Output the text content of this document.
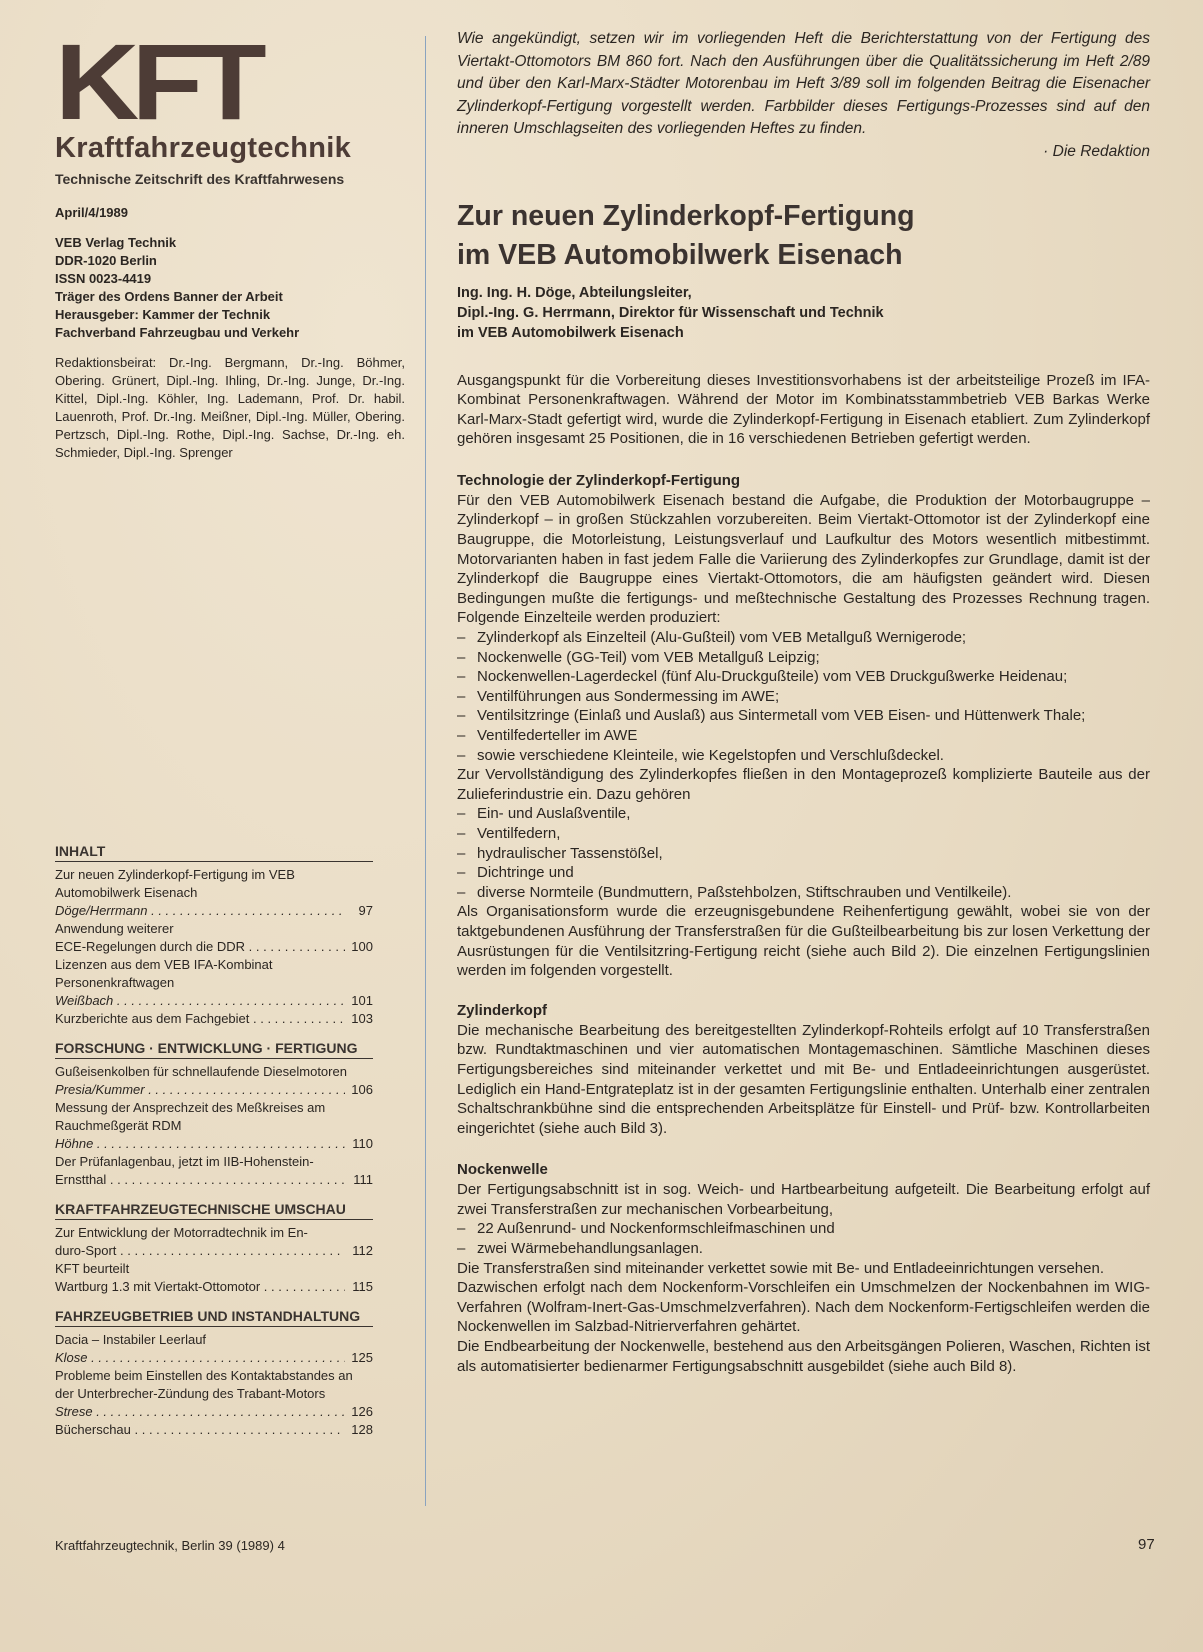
KFT
Kraftfahrzeugtechnik
Technische Zeitschrift des Kraftfahrwesens
April/4/1989
VEB Verlag Technik
DDR-1020 Berlin
ISSN 0023-4419
Träger des Ordens Banner der Arbeit
Herausgeber: Kammer der Technik
Fachverband Fahrzeugbau und Verkehr
Redaktionsbeirat: Dr.-Ing. Bergmann, Dr.-Ing. Böhmer, Obering. Grünert, Dipl.-Ing. Ihling, Dr.-Ing. Junge, Dr.-Ing. Kittel, Dipl.-Ing. Köhler, Ing. Lademann, Prof. Dr. habil. Lauenroth, Prof. Dr.-Ing. Meißner, Dipl.-Ing. Müller, Obering. Pertzsch, Dipl.-Ing. Rothe, Dipl.-Ing. Sachse, Dr.-Ing. eh. Schmieder, Dipl.-Ing. Sprenger
INHALT
Zur neuen Zylinderkopf-Fertigung im VEB Automobilwerk Eisenach
Döge/Herrmann . . .	97
Anwendung weiterer
ECE-Regelungen durch die DDR . . .	100
Lizenzen aus dem VEB IFA-Kombinat Personenkraftwagen
Weißbach . . .	101
Kurzberichte aus dem Fachgebiet . . .	103
FORSCHUNG · ENTWICKLUNG · FERTIGUNG
Gußeisenkolben für schnellaufende Dieselmotoren
Presia/Kummer . . .	106
Messung der Ansprechzeit des Meßkreises am Rauchmeßgerät RDM
Höhne . . .	110
Der Prüfanlagenbau, jetzt im IIB-Hohenstein-
Ernstthal . . .	111
KRAFTFAHRZEUGTECHNISCHE UMSCHAU
Zur Entwicklung der Motorradtechnik im En-
duro-Sport . . .	112
KFT beurteilt
Wartburg 1.3 mit Viertakt-Ottomotor . . .	115
FAHRZEUGBETRIEB UND INSTANDHALTUNG
Dacia – Instabiler Leerlauf
Klose . . .	125
Probleme beim Einstellen des Kontaktabstandes an der Unterbrecher-Zündung des Trabant-Motors
Strese . . .	126
Bücherschau . . .	128

Wie angekündigt, setzen wir im vorliegenden Heft die Berichterstattung von der Fertigung des Viertakt-Ottomotors BM 860 fort. Nach den Ausführungen über die Qualitätssicherung im Heft 2/89 und über den Karl-Marx-Städter Motorenbau im Heft 3/89 soll im folgenden Beitrag die Eisenacher Zylinderkopf-Fertigung vorgestellt werden. Farbbilder dieses Fertigungs-Prozesses sind auf den inneren Umschlagseiten des vorliegenden Heftes zu finden.

· Die Redaktion
Zur neuen Zylinderkopf-Fertigung
im VEB Automobilwerk Eisenach
Ing. Ing. H. Döge, Abteilungsleiter,
Dipl.-Ing. G. Herrmann, Direktor für Wissenschaft und Technik
im VEB Automobilwerk Eisenach

Ausgangspunkt für die Vorbereitung dieses Investitionsvorhabens ist der arbeitsteilige Prozeß im IFA-Kombinat Personenkraftwagen. Während der Motor im Kombinatsstammbetrieb VEB Barkas Werke Karl-Marx-Stadt gefertigt wird, wurde die Zylinderkopf-Fertigung in Eisenach etabliert. Zum Zylinderkopf gehören insgesamt 25 Positionen, die in 16 verschiedenen Betrieben gefertigt werden.

Technologie der Zylinderkopf-Fertigung

Für den VEB Automobilwerk Eisenach bestand die Aufgabe, die Produktion der Motorbaugruppe – Zylinderkopf – in großen Stückzahlen vorzubereiten. Beim Viertakt-Ottomotor ist der Zylinderkopf eine Baugruppe, die Motorleistung, Leistungsverlauf und Laufkultur des Motors wesentlich mitbestimmt. Motorvarianten haben in fast jedem Falle die Variierung des Zylinderkopfes zur Grundlage, damit ist der Zylinderkopf die Baugruppe eines Viertakt-Ottomotors, die am häufigsten geändert wird. Diesen Bedingungen mußte die fertigungs- und meßtechnische Gestaltung des Prozesses Rechnung tragen. Folgende Einzelteile werden produziert:

– Zylinderkopf als Einzelteil (Alu-Gußteil) vom VEB Metallguß Wernigerode;
– Nockenwelle (GG-Teil) vom VEB Metallguß Leipzig;
– Nockenwellen-Lagerdeckel (fünf Alu-Druckgußteile) vom VEB Druckgußwerke Heidenau;
– Ventilführungen aus Sondermessing im AWE;
– Ventilsitzringe (Einlaß und Auslaß) aus Sintermetall vom VEB Eisen- und Hüttenwerk Thale;
– Ventilfederteller im AWE
– sowie verschiedene Kleinteile, wie Kegelstopfen und Verschlußdeckel.

Zur Vervollständigung des Zylinderkopfes fließen in den Montageprozeß komplizierte Bauteile aus der Zulieferindustrie ein. Dazu gehören

– Ein- und Auslaßventile,
– Ventilfedern,
– hydraulischer Tassenstößel,
– Dichtringe und
– diverse Normteile (Bundmuttern, Paßstehbolzen, Stiftschrauben und Ventilkeile).

Als Organisationsform wurde die erzeugnisgebundene Reihenfertigung gewählt, wobei sie von der taktgebundenen Ausführung der Transferstraßen für die Gußteilbearbeitung bis zur losen Verkettung der Ausrüstungen für die Ventilsitzring-Fertigung reicht (siehe auch Bild 2). Die einzelnen Fertigungslinien werden im folgenden vorgestellt.

Zylinderkopf

Die mechanische Bearbeitung des bereitgestellten Zylinderkopf-Rohteils erfolgt auf 10 Transferstraßen bzw. Rundtaktmaschinen und vier automatischen Montagemaschinen. Sämtliche Maschinen dieses Fertigungsbereiches sind miteinander verkettet und mit Be- und Entladeeinrichtungen ausgerüstet. Lediglich ein Hand-Entgrateplatz ist in der gesamten Fertigungslinie enthalten. Unterhalb einer zentralen Schaltschrankbühne sind die entsprechenden Arbeitsplätze für Einstell- und Prüf- bzw. Kontrollarbeiten eingerichtet (siehe auch Bild 3).

Nockenwelle

Der Fertigungsabschnitt ist in sog. Weich- und Hartbearbeitung aufgeteilt. Die Bearbeitung erfolgt auf zwei Transferstraßen zur mechanischen Vorbearbeitung,

– 22 Außenrund- und Nockenformschleifmaschinen und
– zwei Wärmebehandlungsanlagen.

Die Transferstraßen sind miteinander verkettet sowie mit Be- und Entladeeinrichtungen versehen.

Dazwischen erfolgt nach dem Nockenform-Vorschleifen ein Umschmelzen der Nockenbahnen im WIG-Verfahren (Wolfram-Inert-Gas-Umschmelzverfahren). Nach dem Nockenform-Fertigschleifen werden die Nockenwellen im Salzbad-Nitrierverfahren gehärtet.

Die Endbearbeitung der Nockenwelle, bestehend aus den Arbeitsgängen Polieren, Waschen, Richten ist als automatisierter bedienarmer Fertigungsabschnitt ausgebildet (siehe auch Bild 8).

Kraftfahrzeugtechnik, Berlin 39 (1989) 4	97
